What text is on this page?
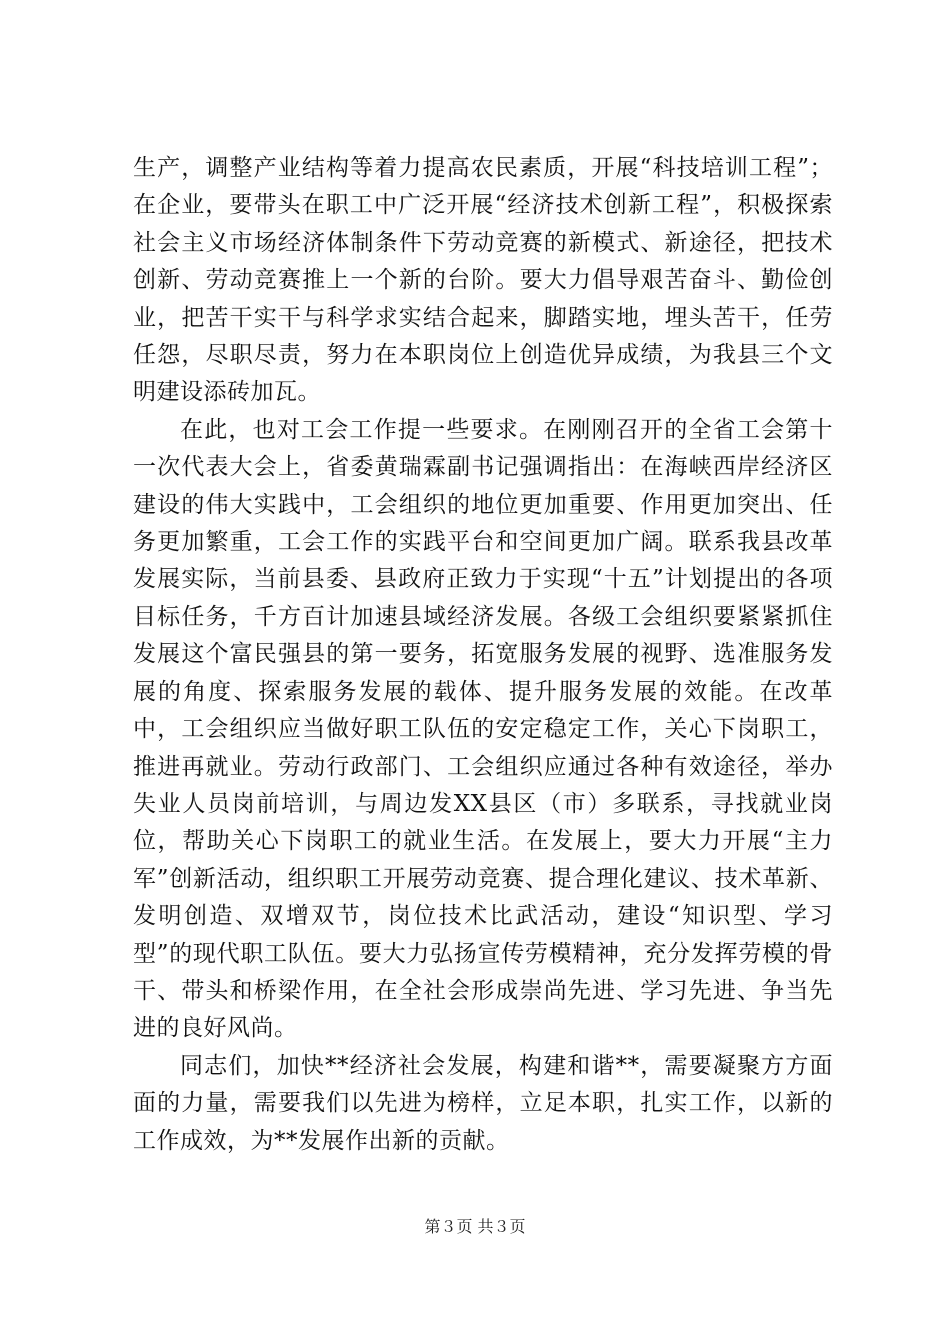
生产，调整产业结构等着力提高农民素质，开展“科技培训工程”；在企业，要带头在职工中广泛开展“经济技术创新工程”，积极探索社会主义市场经济体制条件下劳动竞赛的新模式、新途径，把技术创新、劳动竞赛推上一个新的台阶。要大力倡导艰苦奋斗、勤俭创业，把苦干实干与科学求实结合起来，脚踏实地，埋头苦干，任劳任怨，尽职尽责，努力在本职岗位上创造优异成绩，为我县三个文明建设添砖加瓦。

在此，也对工会工作提一些要求。在刚刚召开的全省工会第十一次代表大会上，省委黄瑞霖副书记强调指出：在海峡西岸经济区建设的伟大实践中，工会组织的地位更加重要、作用更加突出、任务更加繁重，工会工作的实践平台和空间更加广阔。联系我县改革发展实际，当前县委、县政府正致力于实现“十五”计划提出的各项目标任务，千方百计加速县域经济发展。各级工会组织要紧紧抓住发展这个富民强县的第一要务，拓宽服务发展的视野、选准服务发展的角度、探索服务发展的载体、提升服务发展的效能。在改革中，工会组织应当做好职工队伍的安定稳定工作，关心下岗职工，推进再就业。劳动行政部门、工会组织应通过各种有效途径，举办失业人员岗前培训，与周边发XX县区（市）多联系，寻找就业岗位，帮助关心下岗职工的就业生活。在发展上，要大力开展“主力军”创新活动，组织职工开展劳动竞赛、提合理化建议、技术革新、发明创造、双增双节，岗位技术比武活动，建设“知识型、学习型”的现代职工队伍。要大力弘扬宣传劳模精神，充分发挥劳模的骨干、带头和桥梁作用，在全社会形成崇尚先进、学习先进、争当先进的良好风尚。

同志们，加快**经济社会发展，构建和谐**，需要凝聚方方面面的力量，需要我们以先进为榜样，立足本职，扎实工作，以新的工作成效，为**发展作出新的贡献。

第３页 共３页
